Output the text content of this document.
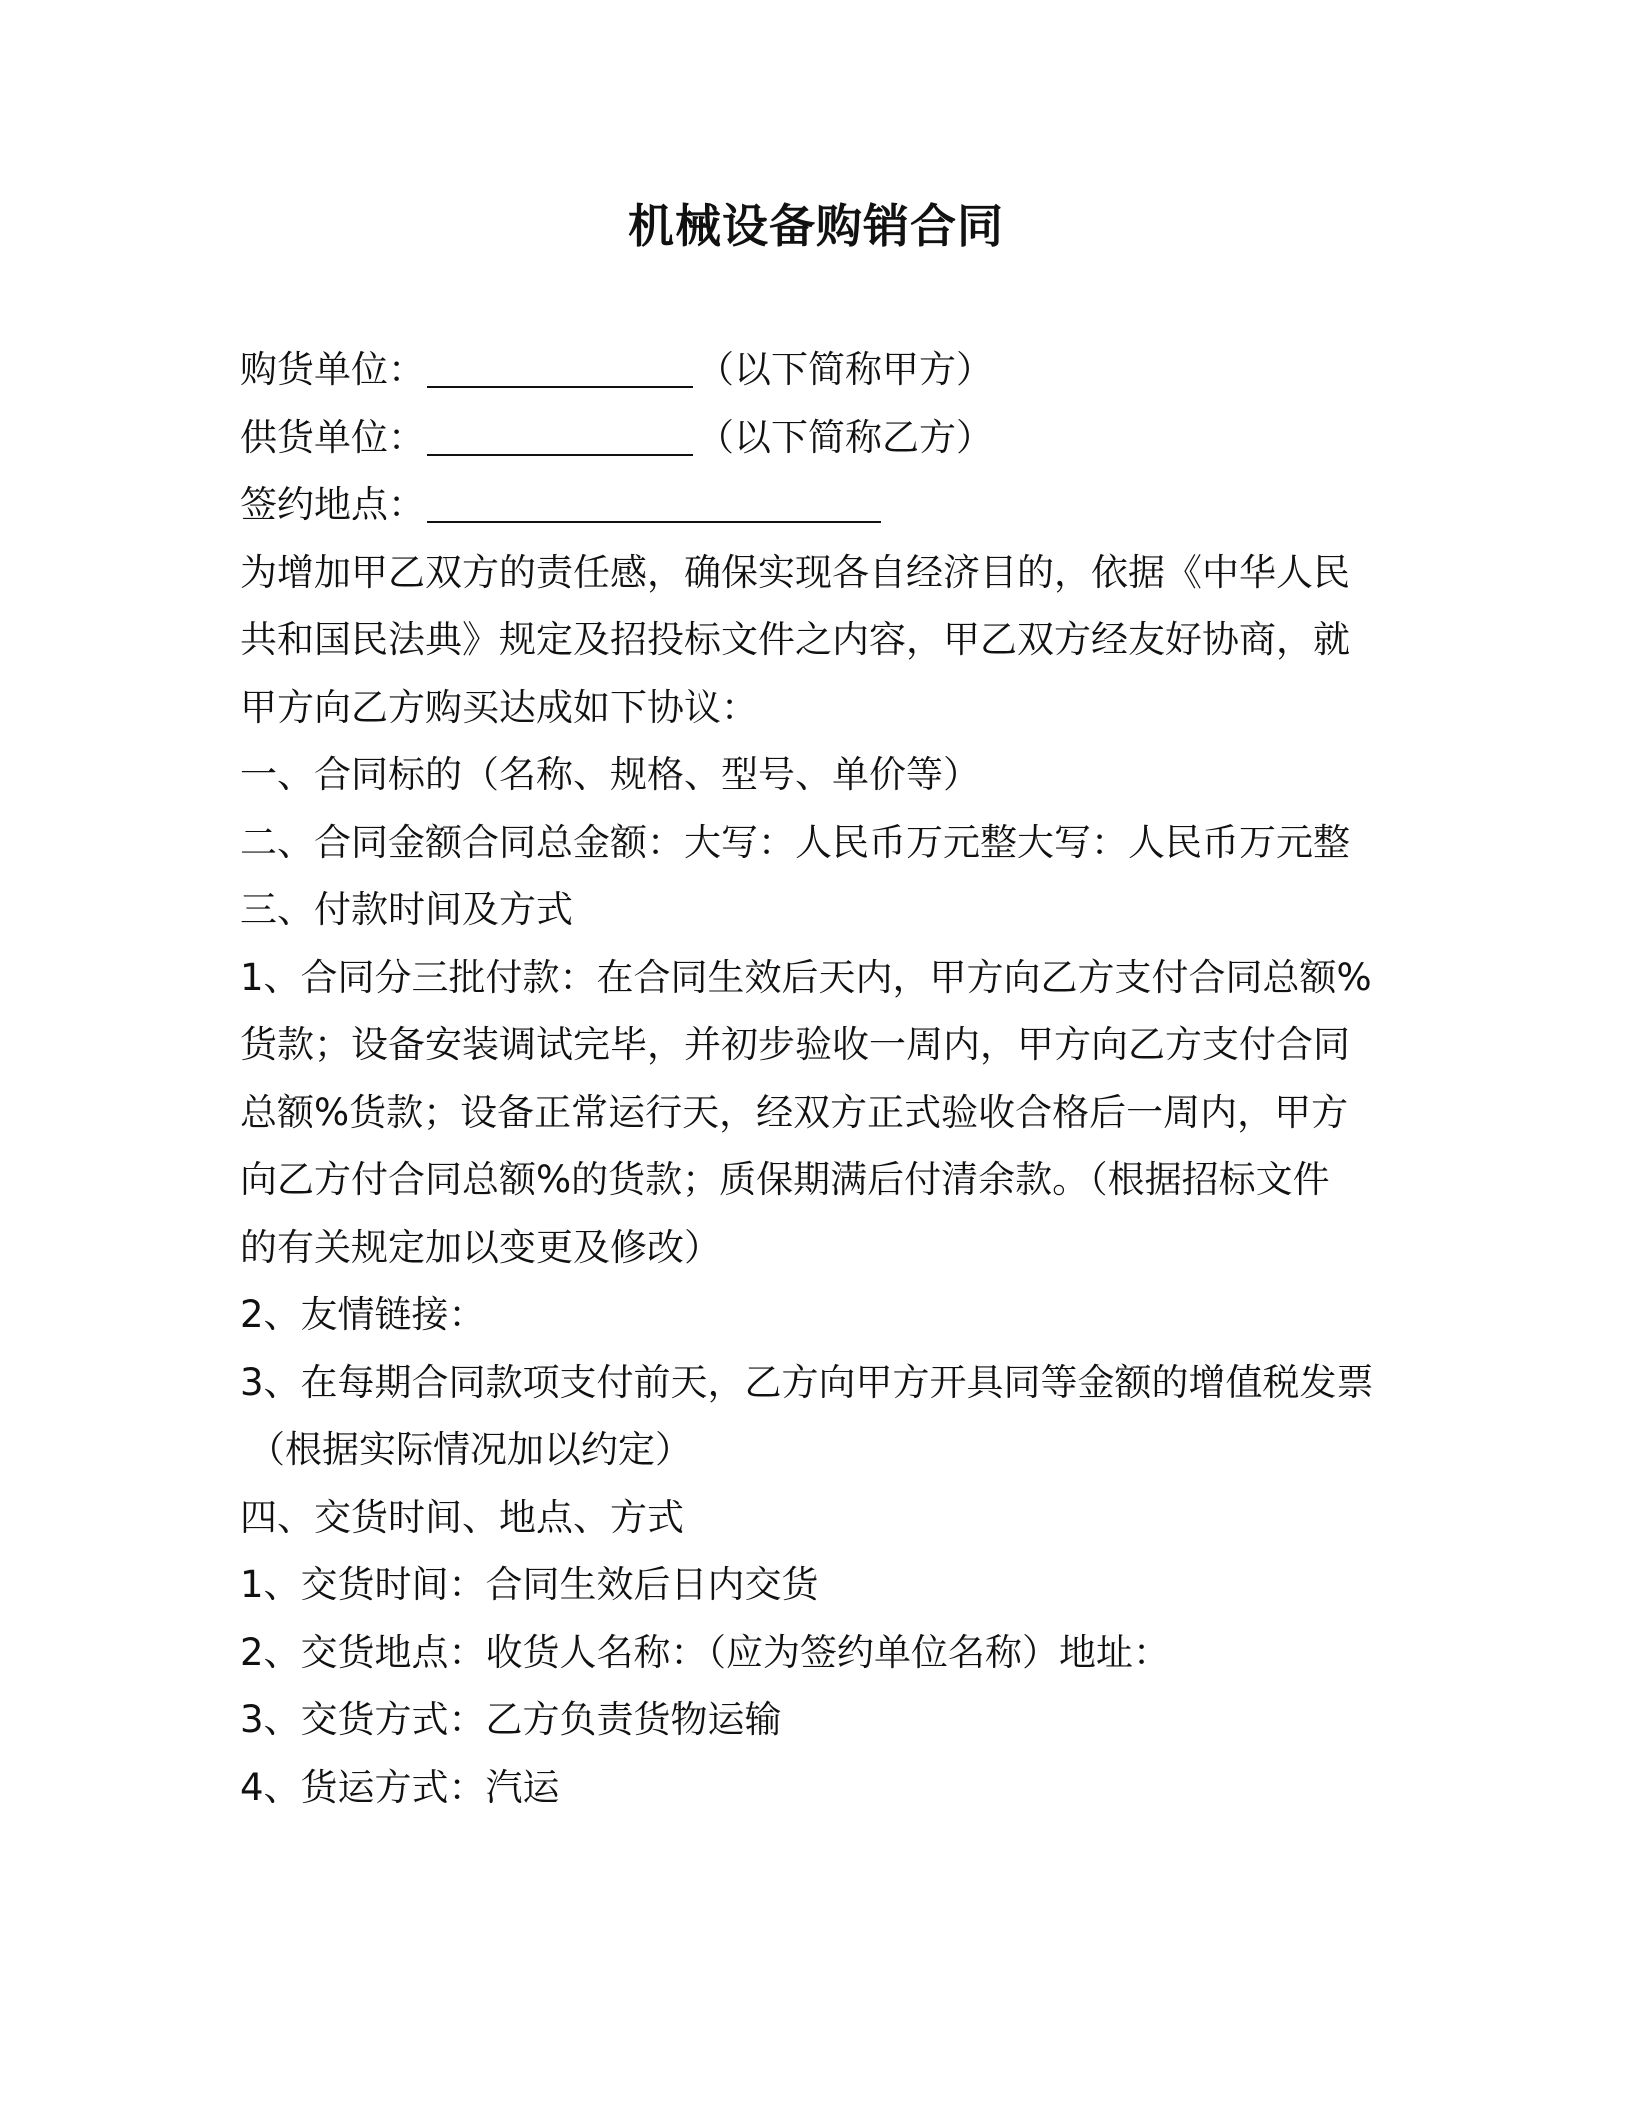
机械设备购销合同
购货单位：	（以下简称甲方）
供货单位：	（以下简称乙方）
签约地点：
为增加甲乙双方的责任感，确保实现各自经济目的，依据《中华人民
共和国民法典》规定及招投标文件之内容，甲乙双方经友好协商，就
甲方向乙方购买达成如下协议：
一、合同标的（名称、规格、型号、单价等）
二、合同金额合同总金额：大写：人民币万元整大写：人民币万元整
三、付款时间及方式
1、合同分三批付款：在合同生效后天内，甲方向乙方支付合同总额%
货款；设备安装调试完毕，并初步验收一周内，甲方向乙方支付合同
总额%货款；设备正常运行天，经双方正式验收合格后一周内，甲方
向乙方付合同总额%的货款；质保期满后付清余款。（根据招标文件
的有关规定加以变更及修改）
2、友情链接：
3、在每期合同款项支付前天，乙方向甲方开具同等金额的增值税发票
（根据实际情况加以约定）
四、交货时间、地点、方式
1、交货时间：合同生效后日内交货
2、交货地点：收货人名称：（应为签约单位名称）地址：
3、交货方式：乙方负责货物运输
4、货运方式：汽运
